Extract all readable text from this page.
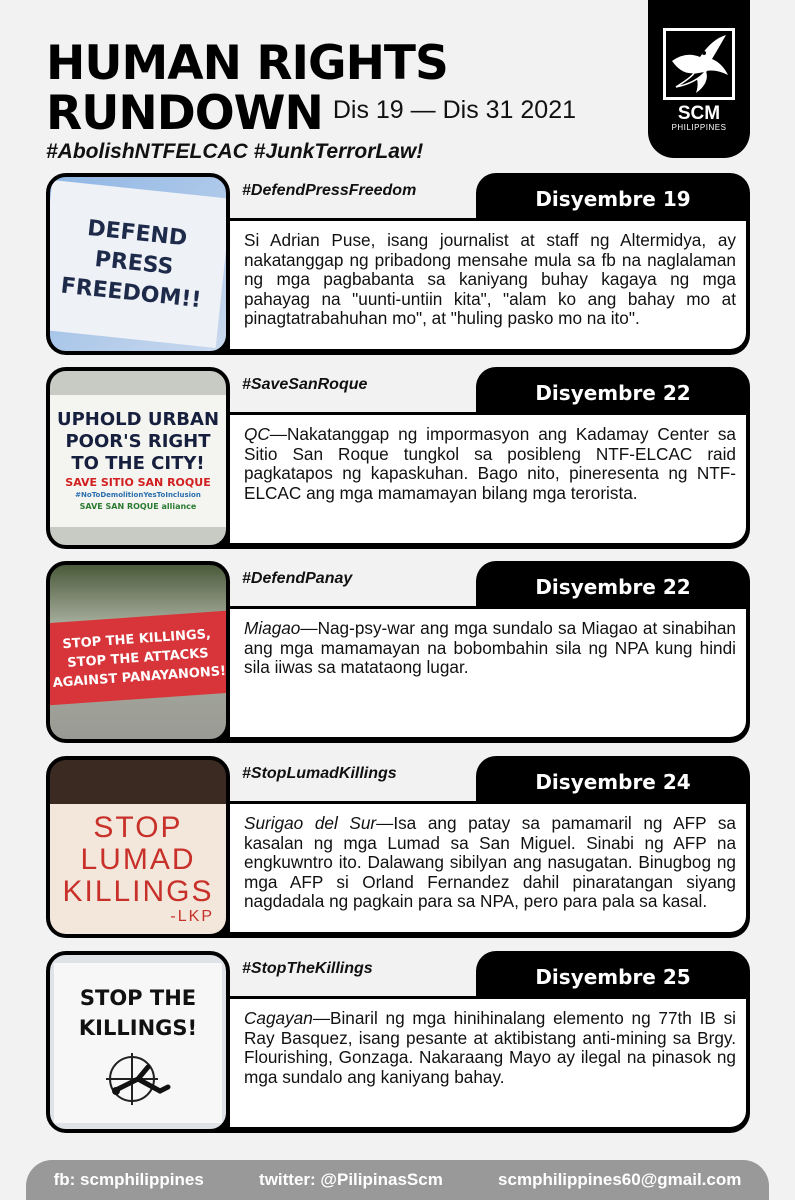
HUMAN RIGHTS
RUNDOWN Dis 19 — Dis 31 2021
#AbolishNTFELCAC #JunkTerrorLaw!
SCM
PHILIPPINES
Disyembre 19
#DefendPressFreedom
DEFEND
PRESS
FREEDOM!!
Si Adrian Puse, isang journalist at staff ng Altermidya, ay nakatanggap ng pribadong mensahe mula sa fb na naglalaman ng mga pagbabanta sa kaniyang buhay kagaya ng mga pahayag na "uunti-untiin kita", "alam ko ang bahay mo at pinagtatrabahuhan mo", at "huling pasko mo na ito".
Disyembre 22
#SaveSanRoque
UPHOLD URBAN
POOR'S RIGHT
TO THE CITY!
SAVE SITIO SAN ROQUE
#NoToDemolitionYesToInclusion
SAVE SAN ROQUE alliance
QC—Nakatanggap ng impormasyon ang Kadamay Center sa Sitio San Roque tungkol sa posibleng NTF-ELCAC raid pagkatapos ng kapaskuhan. Bago nito, pineresenta ng NTF-ELCAC ang mga mamamayan bilang mga terorista.
Disyembre 22
#DefendPanay
STOP THE KILLINGS,
STOP THE ATTACKS
AGAINST PANAYANONS!
Miagao—Nag-psy-war ang mga sundalo sa Miagao at sinabihan ang mga mamamayan na bobombahin sila ng NPA kung hindi sila iiwas sa matataong lugar.
Disyembre 24
#StopLumadKillings
STOP
LUMAD
KILLINGS
-LKP
Surigao del Sur—Isa ang patay sa pamamaril ng AFP sa kasalan ng mga Lumad sa San Miguel. Sinabi ng AFP na engkuwntro ito. Dalawang sibilyan ang nasugatan. Binugbog ng mga AFP si Orland Fernandez dahil pinaratangan siyang nagdadala ng pagkain para sa NPA, pero para pala sa kasal.
Disyembre 25
#StopTheKillings
STOP THE
KILLINGS!	Cagayan—Binaril ng mga hinihinalang elemento ng 77th IB si Ray Basquez, isang pesante at aktibistang anti-mining sa Brgy. Flourishing, Gonzaga. Nakaraang Mayo ay ilegal na pinasok ng mga sundalo ang kaniyang bahay.
fb: scmphilippines	twitter: @PilipinasScm	scmphilippines60@gmail.com
